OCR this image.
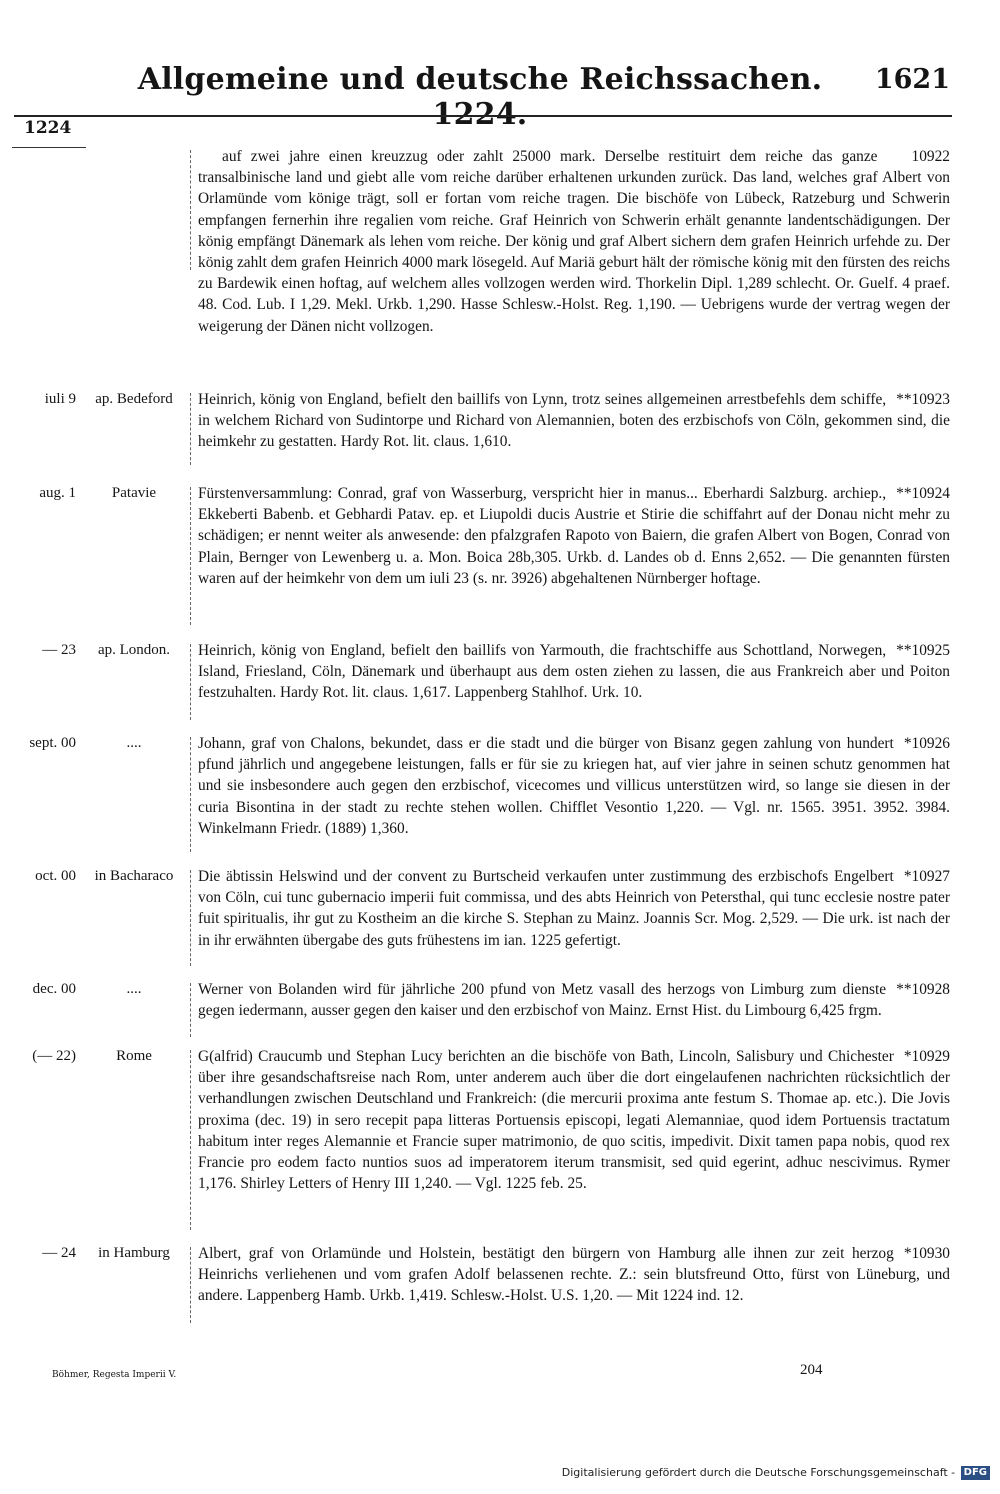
Allgemeine und deutsche Reichssachen. 1224.
1621
1224
10922
auf zwei jahre einen kreuzzug oder zahlt 25000 mark. Derselbe restituirt dem reiche das ganze transalbinische land und giebt alle vom reiche darüber erhaltenen urkunden zurück. Das land, welches graf Albert von Orlamünde vom könige trägt, soll er fortan vom reiche tragen. Die bischöfe von Lübeck, Ratzeburg und Schwerin empfangen fernerhin ihre regalien vom reiche. Graf Heinrich von Schwerin erhält genannte landentschädigungen. Der könig empfängt Dänemark als lehen vom reiche. Der könig und graf Albert sichern dem grafen Heinrich urfehde zu. Der könig zahlt dem grafen Heinrich 4000 mark lösegeld. Auf Mariä geburt hält der römische könig mit den fürsten des reichs zu Bardewik einen hoftag, auf welchem alles vollzogen werden wird. Thorkelin Dipl. 1,289 schlecht. Or. Guelf. 4 praef. 48. Cod. Lub. I 1,29. Mekl. Urkb. 1,290. Hasse Schlesw.-Holst. Reg. 1,190. — Uebrigens wurde der vertrag wegen der weigerung der Dänen nicht vollzogen.
iuli 9	ap. Bedeford	**10923
Heinrich, könig von England, befielt den baillifs von Lynn, trotz seines allgemeinen arrestbefehls dem schiffe, in welchem Richard von Sudintorpe und Richard von Alemannien, boten des erzbischofs von Cöln, gekommen sind, die heimkehr zu gestatten. Hardy Rot. lit. claus. 1,610.
aug. 1	Patavie	**10924
Fürstenversammlung: Conrad, graf von Wasserburg, verspricht hier in manus... Eberhardi Salzburg. archiep., Ekkeberti Babenb. et Gebhardi Patav. ep. et Liupoldi ducis Austrie et Stirie die schiffahrt auf der Donau nicht mehr zu schädigen; er nennt weiter als anwesende: den pfalzgrafen Rapoto von Baiern, die grafen Albert von Bogen, Conrad von Plain, Bernger von Lewenberg u. a. Mon. Boica 28b,305. Urkb. d. Landes ob d. Enns 2,652. — Die genannten fürsten waren auf der heimkehr von dem um iuli 23 (s. nr. 3926) abgehaltenen Nürnberger hoftage.
— 23	ap. London.	**10925
Heinrich, könig von England, befielt den baillifs von Yarmouth, die frachtschiffe aus Schottland, Norwegen, Island, Friesland, Cöln, Dänemark und überhaupt aus dem osten ziehen zu lassen, die aus Frankreich aber und Poiton festzuhalten. Hardy Rot. lit. claus. 1,617. Lappenberg Stahlhof. Urk. 10.
sept. 00	....	*10926
Johann, graf von Chalons, bekundet, dass er die stadt und die bürger von Bisanz gegen zahlung von hundert pfund jährlich und angegebene leistungen, falls er für sie zu kriegen hat, auf vier jahre in seinen schutz genommen hat und sie insbesondere auch gegen den erzbischof, vicecomes und villicus unterstützen wird, so lange sie diesen in der curia Bisontina in der stadt zu rechte stehen wollen. Chifflet Vesontio 1,220. — Vgl. nr. 1565. 3951. 3952. 3984. Winkelmann Friedr. (1889) 1,360.
oct. 00	in Bacharaco	*10927
Die äbtissin Helswind und der convent zu Burtscheid verkaufen unter zustimmung des erzbischofs Engelbert von Cöln, cui tunc gubernacio imperii fuit commissa, und des abts Heinrich von Petersthal, qui tunc ecclesie nostre pater fuit spiritualis, ihr gut zu Kostheim an die kirche S. Stephan zu Mainz. Joannis Scr. Mog. 2,529. — Die urk. ist nach der in ihr erwähnten übergabe des guts frühestens im ian. 1225 gefertigt.
dec. 00	....	**10928
Werner von Bolanden wird für jährliche 200 pfund von Metz vasall des herzogs von Limburg zum dienste gegen iedermann, ausser gegen den kaiser und den erzbischof von Mainz. Ernst Hist. du Limbourg 6,425 frgm.
(— 22)	Rome	*10929
G(alfrid) Craucumb und Stephan Lucy berichten an die bischöfe von Bath, Lincoln, Salisbury und Chichester über ihre gesandschaftsreise nach Rom, unter anderem auch über die dort eingelaufenen nachrichten rücksichtlich der verhandlungen zwischen Deutschland und Frankreich: (die mercurii proxima ante festum S. Thomae ap. etc.). Die Jovis proxima (dec. 19) in sero recepit papa litteras Portuensis episcopi, legati Alemanniae, quod idem Portuensis tractatum habitum inter reges Alemannie et Francie super matrimonio, de quo scitis, impedivit. Dixit tamen papa nobis, quod rex Francie pro eodem facto nuntios suos ad imperatorem iterum transmisit, sed quid egerint, adhuc nescivimus. Rymer 1,176. Shirley Letters of Henry III 1,240. — Vgl. 1225 feb. 25.
— 24	in Hamburg	*10930
Albert, graf von Orlamünde und Holstein, bestätigt den bürgern von Hamburg alle ihnen zur zeit herzog Heinrichs verliehenen und vom grafen Adolf belassenen rechte. Z.: sein blutsfreund Otto, fürst von Lüneburg, und andere. Lappenberg Hamb. Urkb. 1,419. Schlesw.-Holst. U.S. 1,20. — Mit 1224 ind. 12.
Böhmer, Regesta Imperii V.	204
Digitalisierung gefördert durch die Deutsche Forschungsgemeinschaft - DFG
